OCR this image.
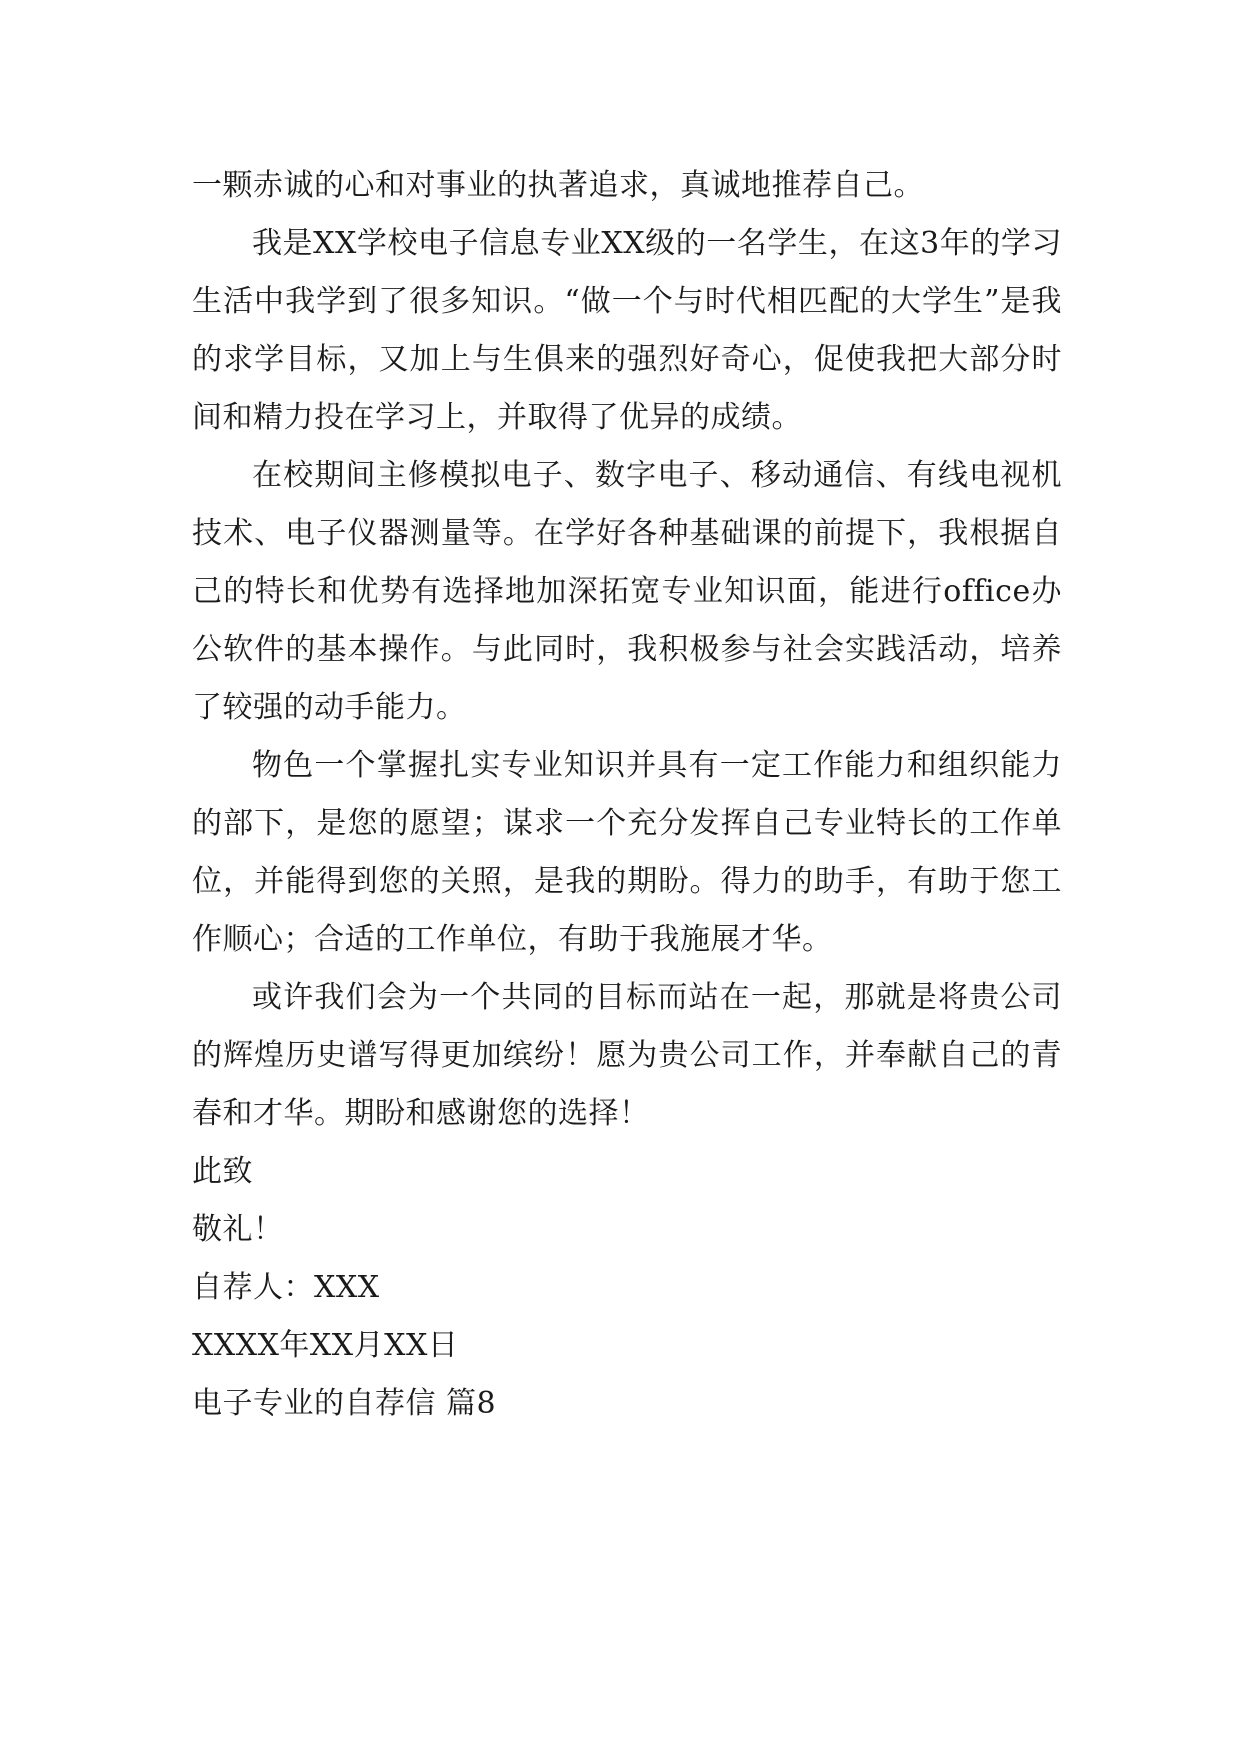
一颗赤诚的心和对事业的执著追求，真诚地推荐自己。

我是XX学校电子信息专业XX级的一名学生，在这3年的学习生活中我学到了很多知识。“做一个与时代相匹配的大学生”是我的求学目标，又加上与生俱来的强烈好奇心，促使我把大部分时间和精力投在学习上，并取得了优异的成绩。

在校期间主修模拟电子、数字电子、移动通信、有线电视机技术、电子仪器测量等。在学好各种基础课的前提下，我根据自己的特长和优势有选择地加深拓宽专业知识面，能进行office办公软件的基本操作。与此同时，我积极参与社会实践活动，培养了较强的动手能力。

物色一个掌握扎实专业知识并具有一定工作能力和组织能力的部下，是您的愿望；谋求一个充分发挥自己专业特长的工作单位，并能得到您的关照，是我的期盼。得力的助手，有助于您工作顺心；合适的工作单位，有助于我施展才华。

或许我们会为一个共同的目标而站在一起，那就是将贵公司的辉煌历史谱写得更加缤纷！愿为贵公司工作，并奉献自己的青春和才华。期盼和感谢您的选择！

此致

敬礼！

自荐人：XXX

XXXX年XX月XX日

电子专业的自荐信 篇8
